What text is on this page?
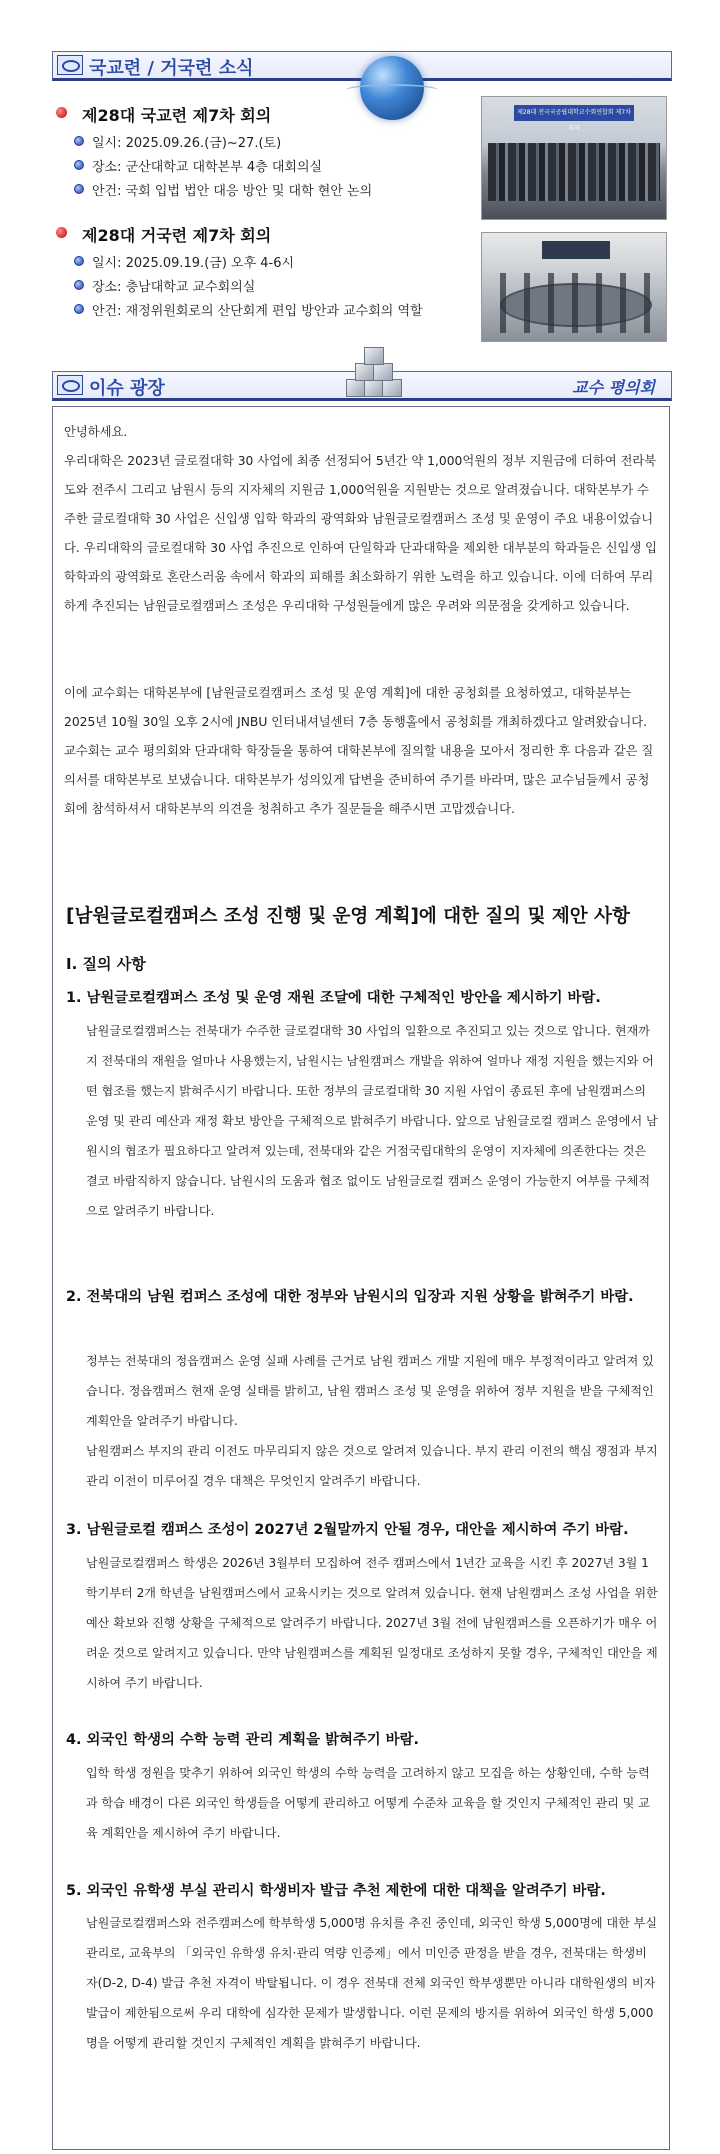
국교련 / 거국련 소식
제28대 국교련 제7차 회의
일시: 2025.09.26.(금)~27.(토)
장소: 군산대학교 대학본부 4층 대회의실
안건: 국회 입법 법안 대응 방안 및 대학 현안 논의
제28대 전국국공립대학교수회연합회 제7차 회의
제28대 거국련 제7차 회의
일시: 2025.09.19.(금) 오후 4-6시
장소: 충남대학교 교수회의실
안건: 재정위원회로의 산단회계 편입 방안과 교수회의 역할
이슈 광장	교수 평의회
안녕하세요.
우리대학은 2023년 글로컬대학 30 사업에 최종 선정되어 5년간 약 1,000억원의 정부 지원금에 더하여 전라북도와 전주시 그리고 남원시 등의 지자체의 지원금 1,000억원을 지원받는 것으로 알려졌습니다. 대학본부가 수주한 글로컬대학 30 사업은 신입생 입학 학과의 광역화와 남원글로컬캠퍼스 조성 및 운영이 주요 내용이었습니다. 우리대학의 글로컬대학 30 사업 추진으로 인하여 단일학과 단과대학을 제외한 대부분의 학과들은 신입생 입학학과의 광역화로 혼란스러움 속에서 학과의 피해를 최소화하기 위한 노력을 하고 있습니다. 이에 더하여 무리하게 추진되는 남원글로컬캠퍼스 조성은 우리대학 구성원들에게 많은 우려와 의문점을 갖게하고 있습니다.
이에 교수회는 대학본부에 [남원글로컬캠퍼스 조성 및 운영 계획]에 대한 공청회를 요청하였고, 대학분부는 2025년 10월 30일 오후 2시에 JNBU 인터내셔널센터 7층 동행홀에서 공청회를 개최하겠다고 알려왔습니다. 교수회는 교수 평의회와 단과대학 학장들을 통하여 대학본부에 질의할 내용을 모아서 정리한 후 다음과 같은 질의서를 대학본부로 보냈습니다. 대학본부가 성의있게 답변을 준비하여 주기를 바라며, 많은 교수님들께서 공청회에 참석하셔서 대학본부의 의견을 청취하고 추가 질문들을 해주시면 고맙겠습니다.
[남원글로컬캠퍼스 조성 진행 및 운영 계획]에 대한 질의 및 제안 사항
I. 질의 사항
1. 남원글로컬캠퍼스 조성 및 운영 재원 조달에 대한 구체적인 방안을 제시하기 바람.
남원글로컬캠퍼스는 전북대가 수주한 글로컬대학 30 사업의 일환으로 추진되고 있는 것으로 압니다. 현재까지 전북대의 재원을 얼마나 사용했는지, 남원시는 남원캠퍼스 개발을 위하여 얼마나 재정 지원을 했는지와 어떤 협조를 했는지 밝혀주시기 바랍니다. 또한 정부의 글로컬대학 30 지원 사업이 종료된 후에 남원캠퍼스의 운영 및 관리 예산과 재정 확보 방안을 구체적으로 밝혀주기 바랍니다. 앞으로 남원글로컬 캠퍼스 운영에서 남원시의 협조가 필요하다고 알려져 있는데, 전북대와 같은 거점국립대학의 운영이 지자체에 의존한다는 것은 결코 바람직하지 않습니다. 남원시의 도움과 협조 없이도 남원글로컬 캠퍼스 운영이 가능한지 여부를 구체적으로 알려주기 바랍니다.
2. 전북대의 남원 컴퍼스 조성에 대한 정부와 남원시의 입장과 지원 상황을 밝혀주기 바람.
정부는 전북대의 정읍캠퍼스 운영 실패 사례를 근거로 남원 캠퍼스 개발 지원에 매우 부정적이라고 알려져 있습니다. 정읍캠퍼스 현재 운영 실태를 밝히고, 남원 캠퍼스 조성 및 운영을 위하여 정부 지원을 받을 구체적인 계획안을 알려주기 바랍니다.
남원캠퍼스 부지의 관리 이전도 마무리되지 않은 것으로 알려져 있습니다. 부지 관리 이전의 핵심 쟁점과 부지 관리 이전이 미루어질 경우 대책은 무엇인지 알려주기 바랍니다.
3. 남원글로컬 캠퍼스 조성이 2027년 2월말까지 안될 경우, 대안을 제시하여 주기 바람.
남원글로컬캠퍼스 학생은 2026년 3월부터 모집하여 전주 캠퍼스에서 1년간 교육을 시킨 후 2027년 3월 1학기부터 2개 학년을 남원캠퍼스에서 교육시키는 것으로 알려져 있습니다. 현재 남원캠퍼스 조성 사업을 위한 예산 확보와 진행 상황을 구체적으로 알려주기 바랍니다. 2027년 3월 전에 남원캠퍼스를 오픈하기가 매우 어려운 것으로 알려지고 있습니다. 만약 남원캠퍼스를 계획된 일정대로 조성하지 못할 경우, 구체적인 대안을 제시하여 주기 바랍니다.
4. 외국인 학생의 수학 능력 관리 계획을 밝혀주기 바람.
입학 학생 정원을 맞추기 위하여 외국인 학생의 수학 능력을 고려하지 않고 모집을 하는 상황인데, 수학 능력과 학습 배경이 다른 외국인 학생들을 어떻게 관리하고 어떻게 수준차 교육을 할 것인지 구체적인 관리 및 교육 계획안을 제시하여 주기 바랍니다.
5. 외국인 유학생 부실 관리시 학생비자 발급 추천 제한에 대한 대책을 알려주기 바람.
남원글로컬캠퍼스와 전주캠퍼스에 학부학생 5,000명 유치를 추진 중인데, 외국인 학생 5,000명에 대한 부실 관리로, 교육부의 「외국인 유학생 유치·관리 역량 인증제」에서 미인증 판정을 받을 경우, 전북대는 학생비자(D-2, D-4) 발급 추천 자격이 박탈됩니다. 이 경우 전북대 전체 외국인 학부생뿐만 아니라 대학원생의 비자 발급이 제한됨으로써 우리 대학에 심각한 문제가 발생합니다. 이런 문제의 방지를 위하여 외국인 학생 5,000명을 어떻게 관리할 것인지 구체적인 계획을 밝혀주기 바랍니다.
